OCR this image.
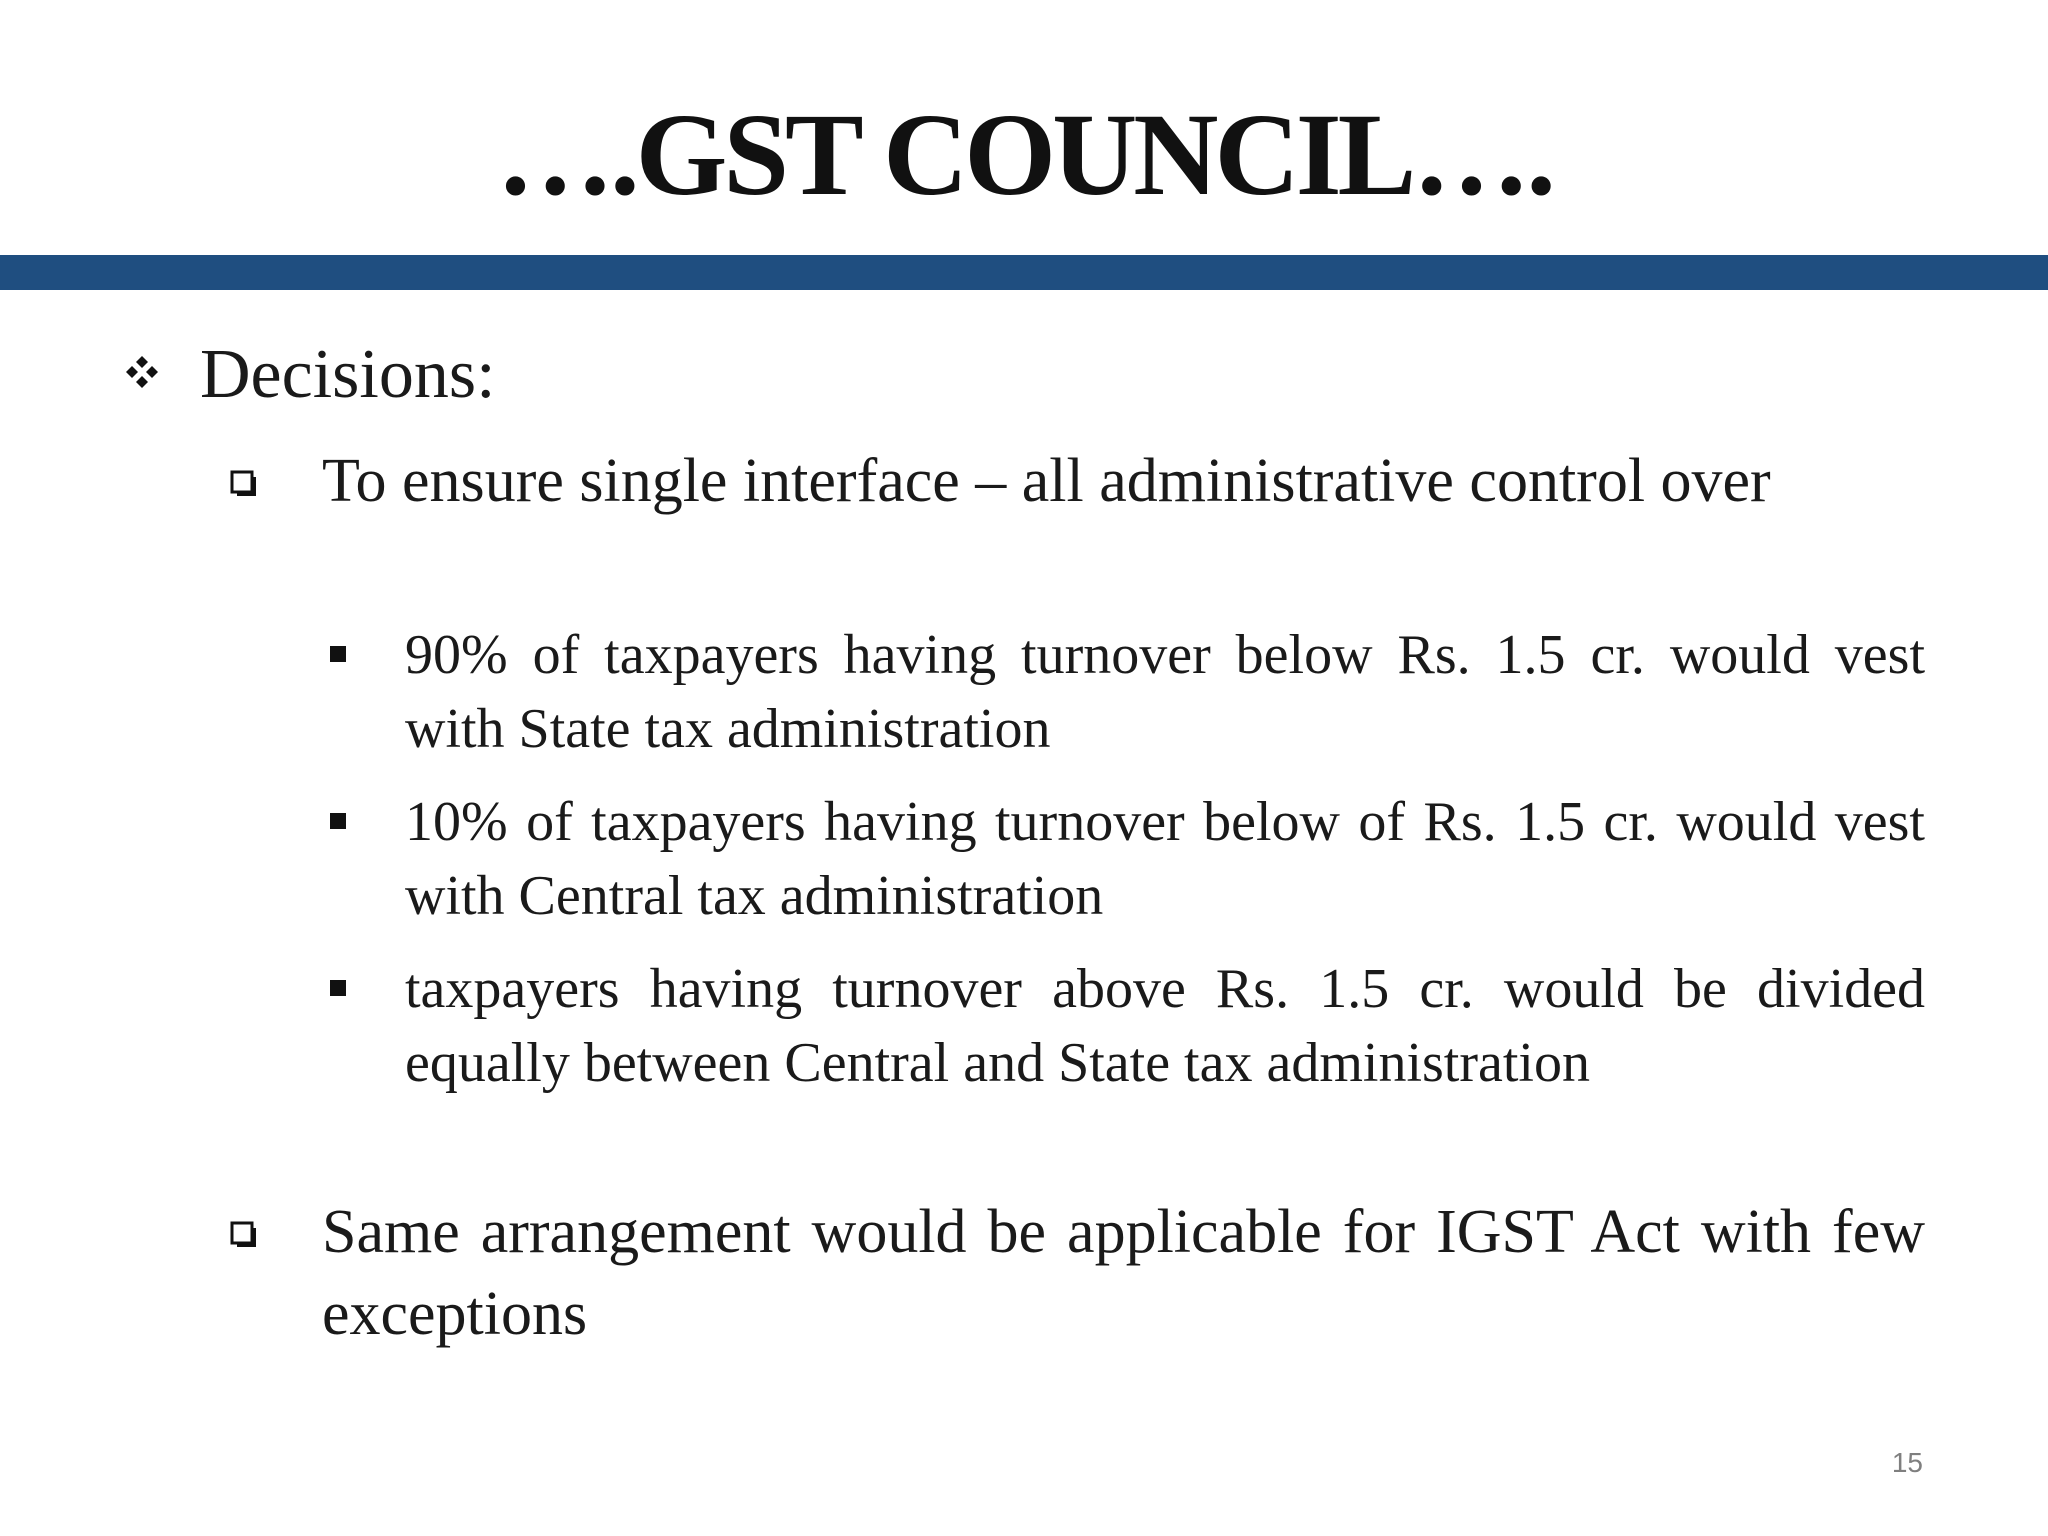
….GST COUNCIL….
Decisions:
To ensure single interface – all administrative control over
90% of taxpayers having turnover below Rs. 1.5 cr. would vest with State tax administration
10% of taxpayers having turnover below of Rs. 1.5 cr. would vest with Central tax administration
taxpayers having turnover above Rs. 1.5 cr. would be divided equally between Central and State tax administration
Same arrangement would be applicable for IGST Act with few exceptions
15
